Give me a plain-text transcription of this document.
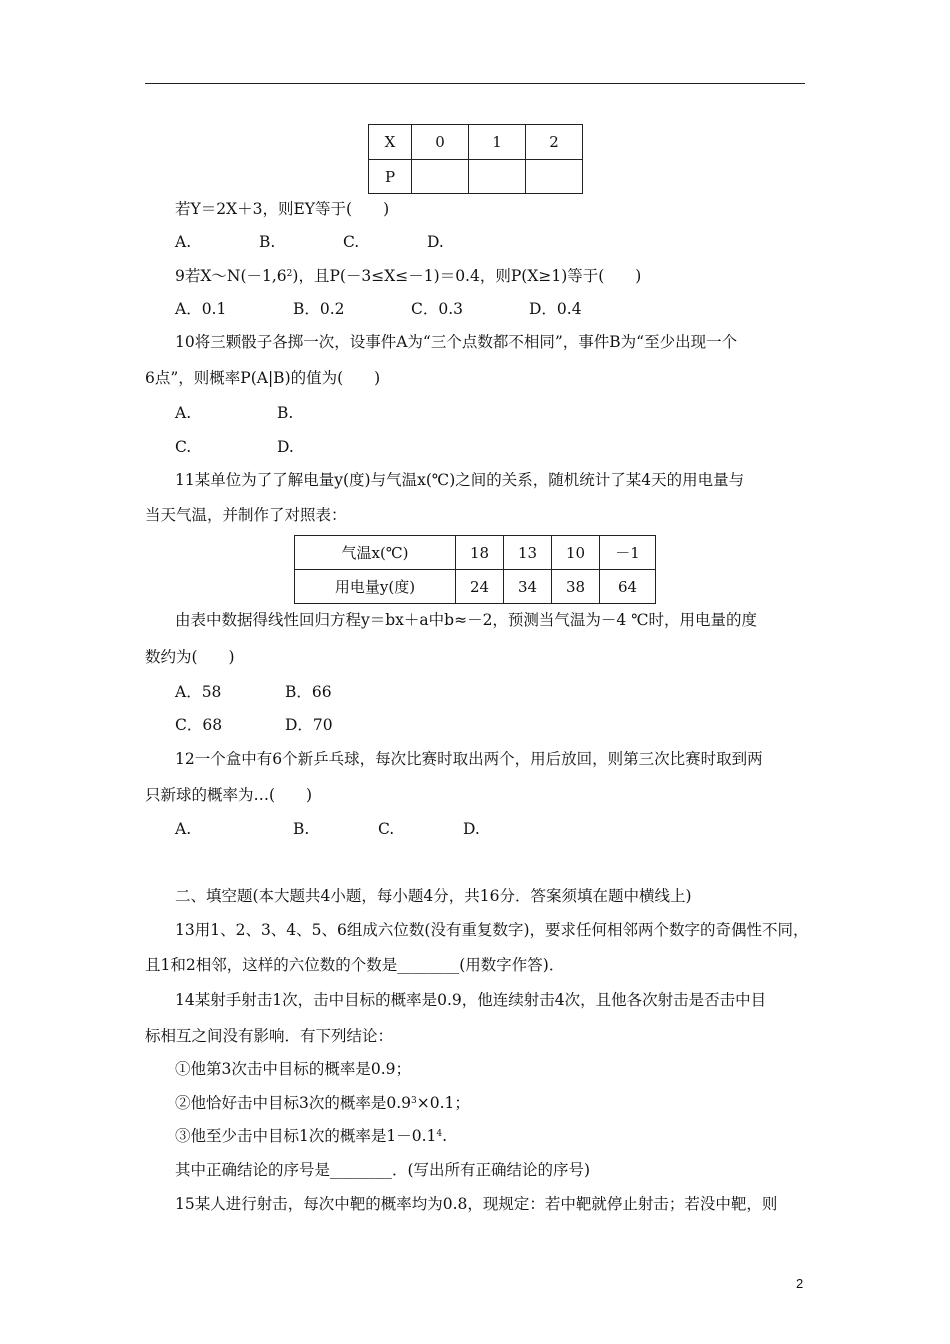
X	0	1	2
P			
若Y＝2X＋3，则EY等于(　　)
A.	B.	C.	D.
9若$X\sim N(-1,6^2)$，且P(－3≤X≤－1)＝0.4，则P(X≥1)等于(　　)
A．0.1	B．0.2	C．0.3	D．0.4
10将三颗骰子各掷一次，设事件A为“三个点数都不相同”，事件B为“至少出现一个
6点”，则概率P(A|B)的值为(　　)
A.	B.
C.	D.
11某单位为了了解电量y(度)与气温x(℃)之间的关系，随机统计了某4天的用电量与
当天气温，并制作了对照表：
气温x(℃)	18	13	10	－1
用电量y(度)	24	34	38	64
由表中数据得线性回归方程y＝bx＋a中b≈－2，预测当气温为－4 ℃时，用电量的度
数约为(　　)
A．58	B．66
C．68	D．70
12一个盒中有6个新乒乓球，每次比赛时取出两个，用后放回，则第三次比赛时取到两
只新球的概率为…(　　)
A.	B.	C.	D.
二、填空题(本大题共4小题，每小题4分，共16分．答案须填在题中横线上)
13用1、2、3、4、5、6组成六位数(没有重复数字)，要求任何相邻两个数字的奇偶性不同，
且1和2相邻，这样的六位数的个数是________(用数字作答)．
14某射手射击1次，击中目标的概率是0.9，他连续射击4次，且他各次射击是否击中目
标相互之间没有影响．有下列结论：
①他第3次击中目标的概率是0.9；
②他恰好击中目标3次的概率是$0.9^3\times 0.1$；
③他至少击中目标1次的概率是$1-0.1^4$.
其中正确结论的序号是________．(写出所有正确结论的序号)
15某人进行射击，每次中靶的概率均为0.8，现规定：若中靶就停止射击；若没中靶，则
2
